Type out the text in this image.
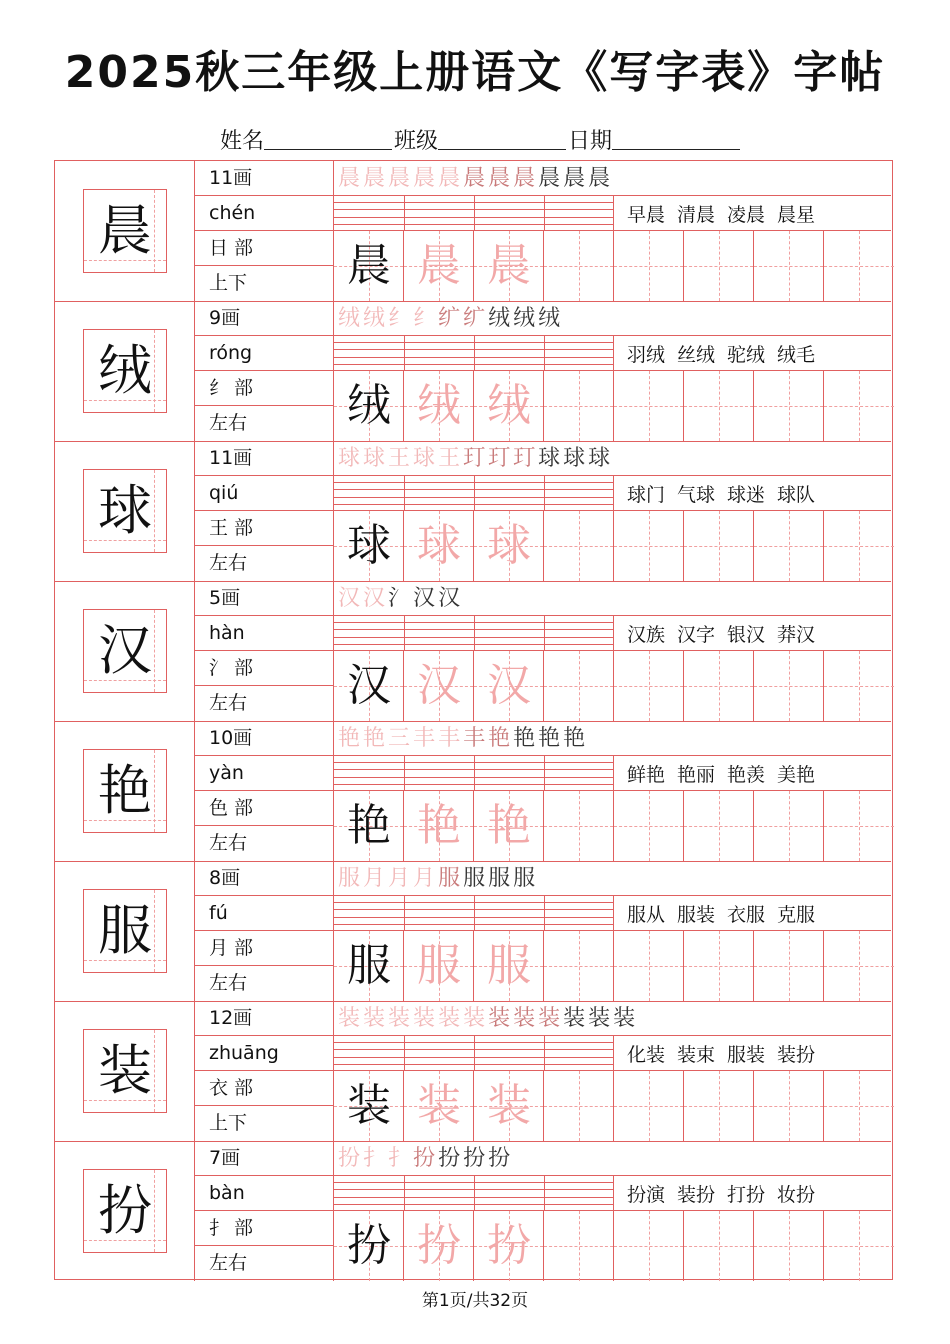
2025秋三年级上册语文《写字表》字帖
姓名	班级	日期
晨
11画
chén
日 部
上下
晨晨晨晨晨晨晨晨晨晨晨
早晨 清晨 凌晨 晨星
晨 晨 晨
绒
9画
róng
纟 部
左右
绒绒纟纟纩纩绒绒绒
羽绒 丝绒 驼绒 绒毛
绒 绒 绒
球
11画
qiú
王 部
左右
球球王球王玎玎玎球球球
球门 气球 球迷 球队
球 球 球
汉
5画
hàn
氵 部
左右
汉汉氵汉汉
汉族 汉字 银汉 莽汉
汉 汉 汉
艳
10画
yàn
色 部
左右
艳艳三丰丰丰艳艳艳艳
鲜艳 艳丽 艳羡 美艳
艳 艳 艳
服
8画
fú
月 部
左右
服月月月服服服服
服从 服装 衣服 克服
服 服 服
装
12画
zhuāng
衣 部
上下
装装装装装装装装装装装装
化装 装束 服装 装扮
装 装 装
扮
7画
bàn
扌 部
左右
扮扌扌扮扮扮扮
扮演 装扮 打扮 妆扮
扮 扮 扮
第1页/共32页
